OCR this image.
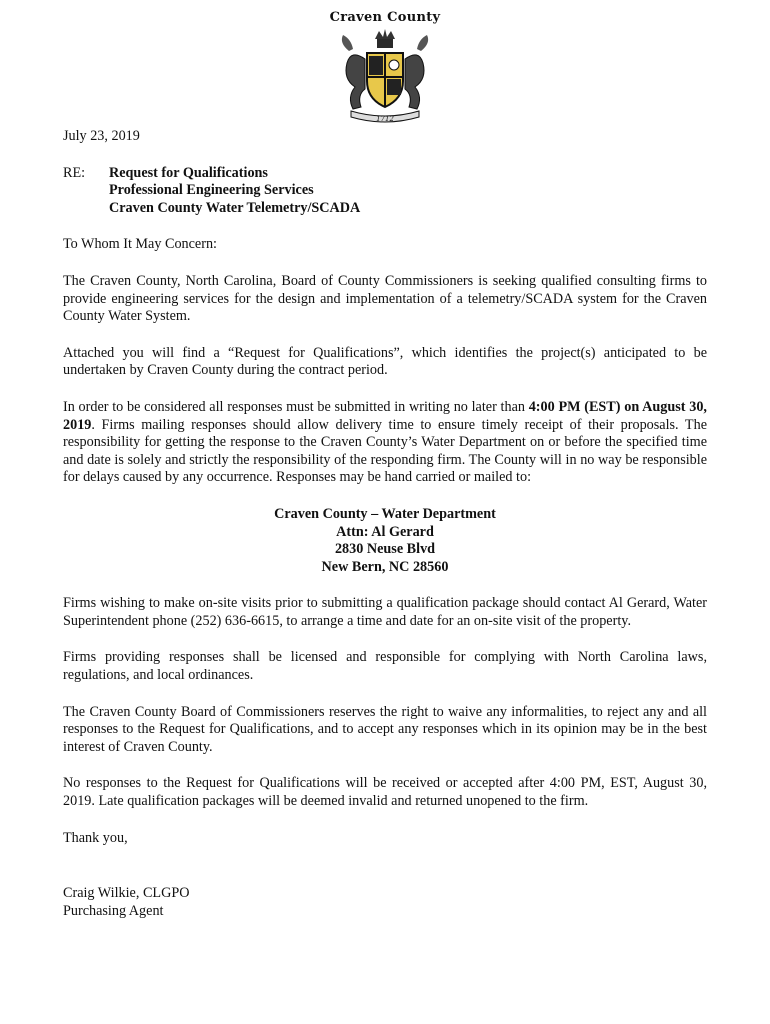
Craven County
1712

July 23, 2019

RE:	Request for Qualifications
Professional Engineering Services
Craven County Water Telemetry/SCADA

To Whom It May Concern:

The Craven County, North Carolina, Board of County Commissioners is seeking qualified consulting firms to provide engineering services for the design and implementation of a telemetry/SCADA system for the Craven County Water System.

Attached you will find a “Request for Qualifications”, which identifies the project(s) anticipated to be undertaken by Craven County during the contract period.

In order to be considered all responses must be submitted in writing no later than 4:00 PM (EST) on August 30, 2019. Firms mailing responses should allow delivery time to ensure timely receipt of their proposals. The responsibility for getting the response to the Craven County’s Water Department on or before the specified time and date is solely and strictly the responsibility of the responding firm. The County will in no way be responsible for delays caused by any occurrence. Responses may be hand carried or mailed to:

Craven County – Water Department
Attn: Al Gerard
2830 Neuse Blvd
New Bern, NC 28560

Firms wishing to make on-site visits prior to submitting a qualification package should contact Al Gerard, Water Superintendent phone (252) 636-6615, to arrange a time and date for an on-site visit of the property.

Firms providing responses shall be licensed and responsible for complying with North Carolina laws, regulations, and local ordinances.

The Craven County Board of Commissioners reserves the right to waive any informalities, to reject any and all responses to the Request for Qualifications, and to accept any responses which in its opinion may be in the best interest of Craven County.

No responses to the Request for Qualifications will be received or accepted after 4:00 PM, EST, August 30, 2019. Late qualification packages will be deemed invalid and returned unopened to the firm.

Thank you,

Craig Wilkie, CLGPO
Purchasing Agent
